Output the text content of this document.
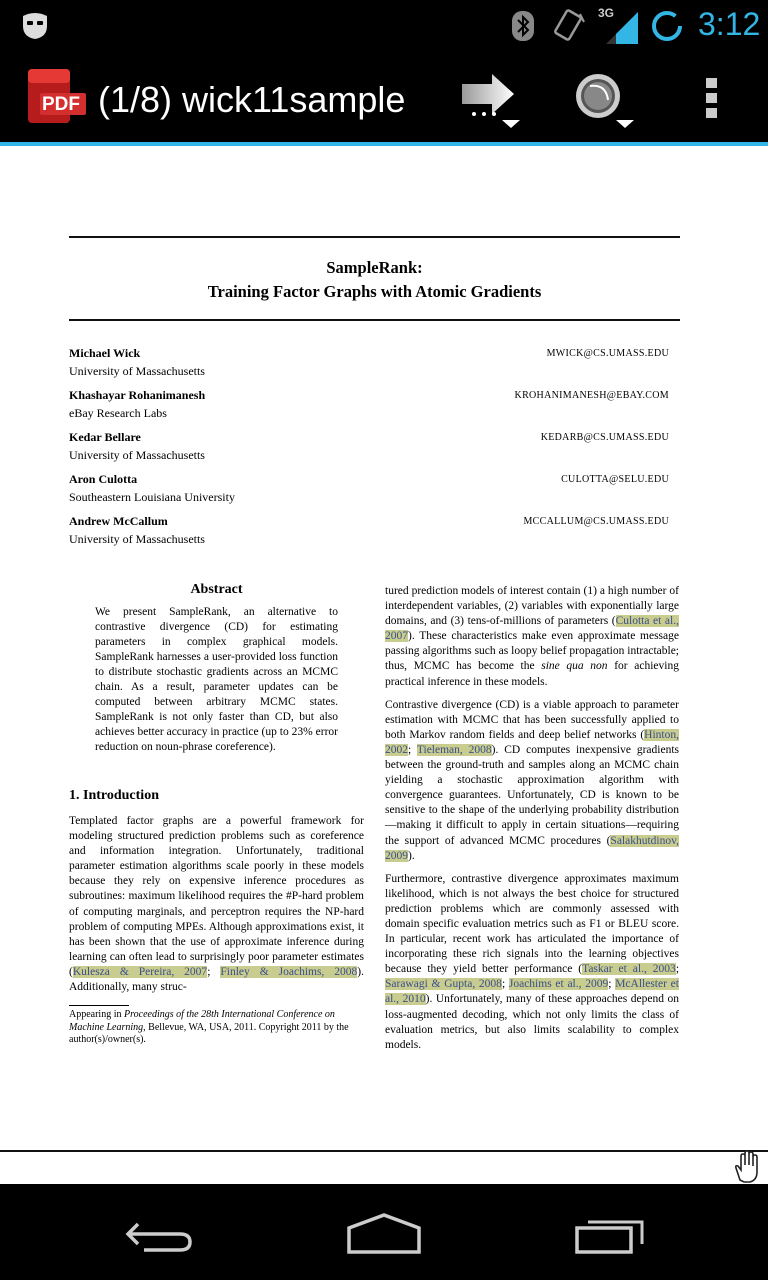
3G	3:12
PDF (1/8) wick11sample
SampleRank:
Training Factor Graphs with Atomic Gradients
Michael Wick
University of Massachusetts
MWICK@CS.UMASS.EDU
Khashayar Rohanimanesh
eBay Research Labs
KROHANIMANESH@EBAY.COM
Kedar Bellare
University of Massachusetts
KEDARB@CS.UMASS.EDU
Aron Culotta
Southeastern Louisiana University
CULOTTA@SELU.EDU
Andrew McCallum
University of Massachusetts
MCCALLUM@CS.UMASS.EDU
Abstract
We present SampleRank, an alternative to contrastive divergence (CD) for estimating parameters in complex graphical models. SampleRank harnesses a user-provided loss function to distribute stochastic gradients across an MCMC chain. As a result, parameter updates can be computed between arbitrary MCMC states. SampleRank is not only faster than CD, but also achieves better accuracy in practice (up to 23% error reduction on noun-phrase coreference).
1. Introduction
Templated factor graphs are a powerful framework for modeling structured prediction problems such as coreference and information integration. Unfortunately, traditional parameter estimation algorithms scale poorly in these models because they rely on expensive inference procedures as subroutines: maximum likelihood requires the #P-hard problem of computing marginals, and perceptron requires the NP-hard problem of computing MPEs. Although approximations exist, it has been shown that the use of approximate inference during learning can often lead to surprisingly poor parameter estimates (Kulesza & Pereira, 2007; Finley & Joachims, 2008). Additionally, many struc-
Appearing in Proceedings of the 28th International Conference on Machine Learning, Bellevue, WA, USA, 2011. Copyright 2011 by the author(s)/owner(s).

tured prediction models of interest contain (1) a high number of interdependent variables, (2) variables with exponentially large domains, and (3) tens-of-millions of parameters (Culotta et al., 2007). These characteristics make even approximate message passing algorithms such as loopy belief propagation intractable; thus, MCMC has become the sine qua non for achieving practical inference in these models.

Contrastive divergence (CD) is a viable approach to parameter estimation with MCMC that has been successfully applied to both Markov random fields and deep belief networks (Hinton, 2002; Tieleman, 2008). CD computes inexpensive gradients between the ground-truth and samples along an MCMC chain yielding a stochastic approximation algorithm with convergence guarantees. Unfortunately, CD is known to be sensitive to the shape of the underlying probability distribution—making it difficult to apply in certain situations—requiring the support of advanced MCMC procedures (Salakhutdinov, 2009).

Furthermore, contrastive divergence approximates maximum likelihood, which is not always the best choice for structured prediction problems which are commonly assessed with domain specific evaluation metrics such as F1 or BLEU score. In particular, recent work has articulated the importance of incorporating these rich signals into the learning objectives because they yield better performance (Taskar et al., 2003; Sarawagi & Gupta, 2008; Joachims et al., 2009; McAllester et al., 2010). Unfortunately, many of these approaches depend on loss-augmented decoding, which not only limits the class of evaluation metrics, but also limits scalability to complex models.
